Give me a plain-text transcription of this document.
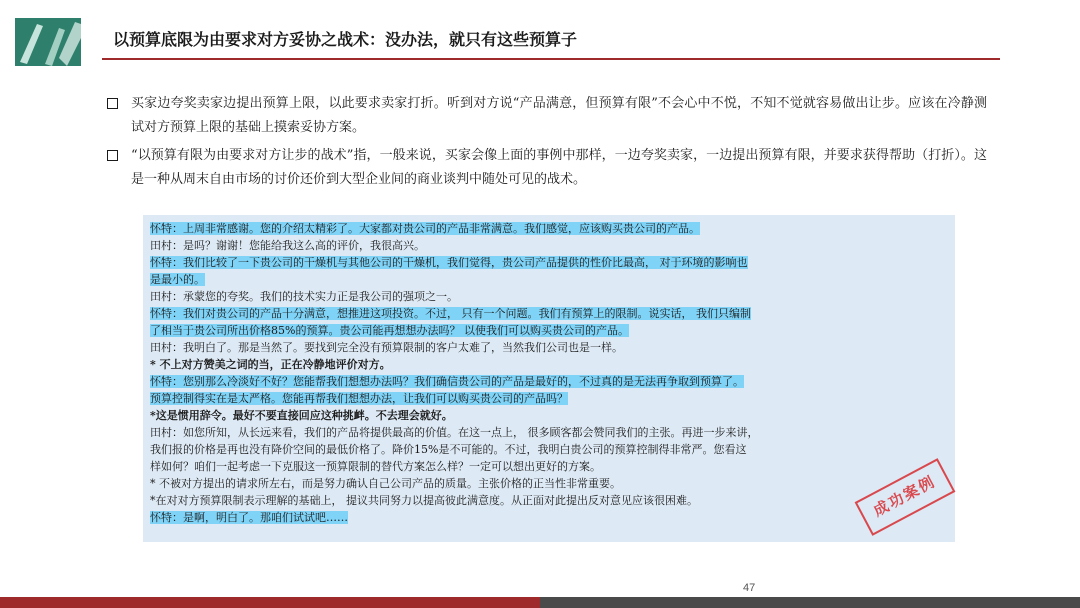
以预算底限为由要求对方妥协之战术：没办法，就只有这些预算子
买家边夸奖卖家边提出预算上限，以此要求卖家打折。听到对方说“产品满意，但预算有限”不会心中不悦，不知不觉就容易做出让步。应该在冷静测试对方预算上限的基础上摸索妥协方案。
“以预算有限为由要求对方让步的战术”指，一般来说，买家会像上面的事例中那样，一边夸奖卖家，一边提出预算有限，并要求获得帮助（打折）。这是一种从周末自由市场的讨价还价到大型企业间的商业谈判中随处可见的战术。
怀特：上周非常感谢。您的介绍太精彩了。大家都对贵公司的产品非常满意。我们感觉，应该购买贵公司的产品。
田村：是吗？谢谢！您能给我这么高的评价，我很高兴。
怀特：我们比较了一下贵公司的干燥机与其他公司的干燥机，我们觉得，贵公司产品提供的性价比最高， 对于环境的影响也
是最小的。
田村：承蒙您的夸奖。我们的技术实力正是我公司的强项之一。
怀特：我们对贵公司的产品十分满意，想推进这项投资。不过， 只有一个问题。我们有预算上的限制。说实话， 我们只编制
了相当于贵公司所出价格85%的预算。贵公司能再想想办法吗？ 以使我们可以购买贵公司的产品。
田村：我明白了。那是当然了。要找到完全没有预算限制的客户太难了，当然我们公司也是一样。
* 不上对方赞美之词的当，正在冷静地评价对方。
怀特：您别那么冷淡好不好？您能帮我们想想办法吗？我们确信贵公司的产品是最好的，不过真的是无法再争取到预算了。
预算控制得实在是太严格。您能再帮我们想想办法，让我们可以购买贵公司的产品吗？
*这是惯用辞令。最好不要直接回应这种挑衅。不去理会就好。
田村：如您所知，从长远来看，我们的产品将提供最高的价值。在这一点上， 很多顾客都会赞同我们的主张。再进一步来讲，
我们报的价格是再也没有降价空间的最低价格了。降价15%是不可能的。不过，我明白贵公司的预算控制得非常严。您看这
样如何？咱们一起考虑一下克服这一预算限制的替代方案怎么样？一定可以想出更好的方案。
* 不被对方提出的请求所左右，而是努力确认自己公司产品的质量。主张价格的正当性非常重要。
*在对对方预算限制表示理解的基础上， 提议共同努力以提高彼此满意度。从正面对此提出反对意见应该很困难。
怀特：是啊，明白了。那咱们试试吧……	成功案例
47
